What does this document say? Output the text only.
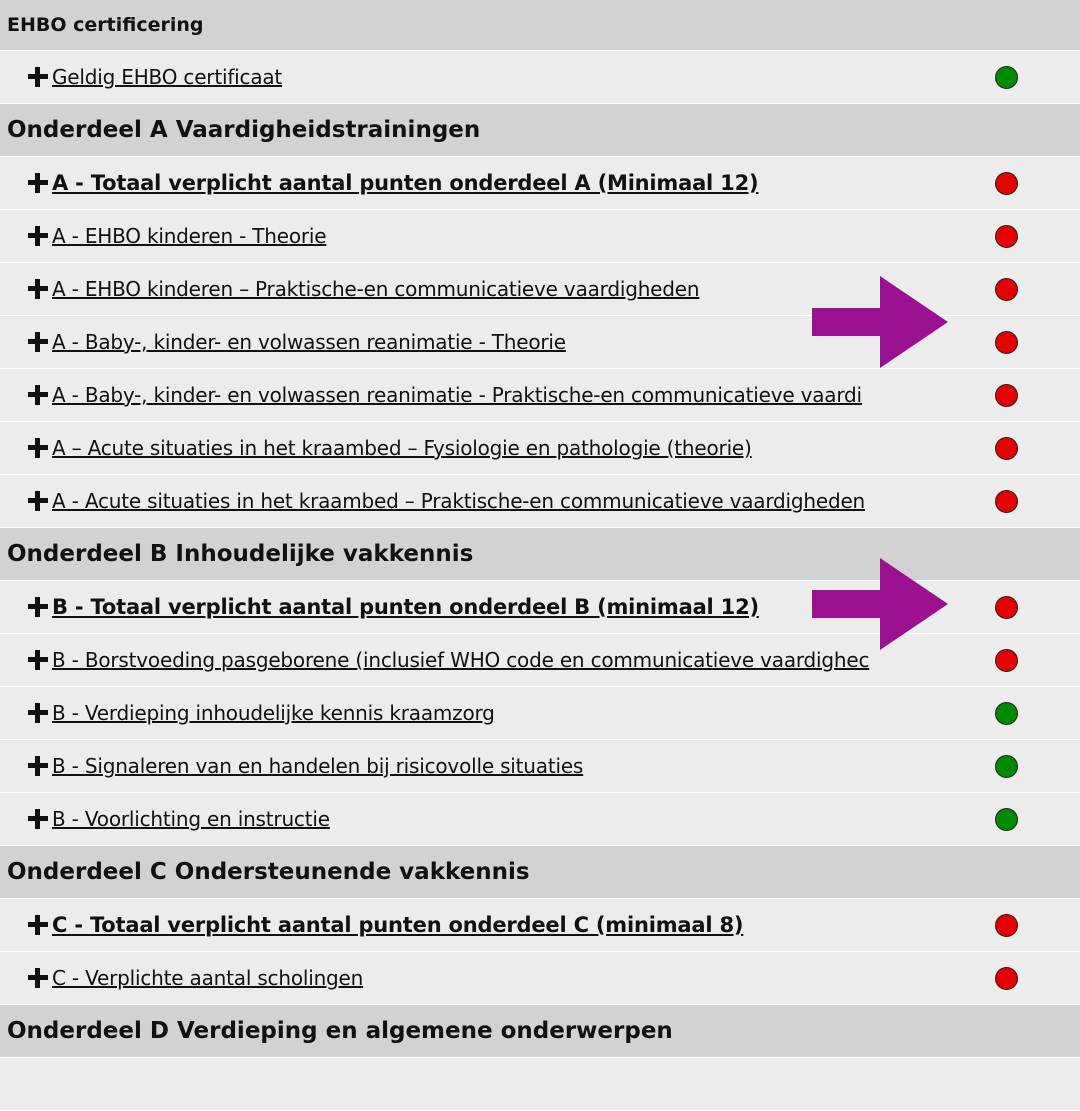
EHBO certificering
Geldig EHBO certificaat
Onderdeel A Vaardigheidstrainingen
A - Totaal verplicht aantal punten onderdeel A (Minimaal 12)
A - EHBO kinderen - Theorie
A - EHBO kinderen – Praktische-en communicatieve vaardigheden
A - Baby-, kinder- en volwassen reanimatie - Theorie
A - Baby-, kinder- en volwassen reanimatie - Praktische-en communicatieve vaardi
A – Acute situaties in het kraambed – Fysiologie en pathologie (theorie)
A - Acute situaties in het kraambed – Praktische-en communicatieve vaardigheden
Onderdeel B Inhoudelijke vakkennis
B - Totaal verplicht aantal punten onderdeel B (minimaal 12)
B - Borstvoeding pasgeborene (inclusief WHO code en communicatieve vaardighec
B - Verdieping inhoudelijke kennis kraamzorg
B - Signaleren van en handelen bij risicovolle situaties
B - Voorlichting en instructie
Onderdeel C Ondersteunende vakkennis
C - Totaal verplicht aantal punten onderdeel C (minimaal 8)
C - Verplichte aantal scholingen
Onderdeel D Verdieping en algemene onderwerpen
